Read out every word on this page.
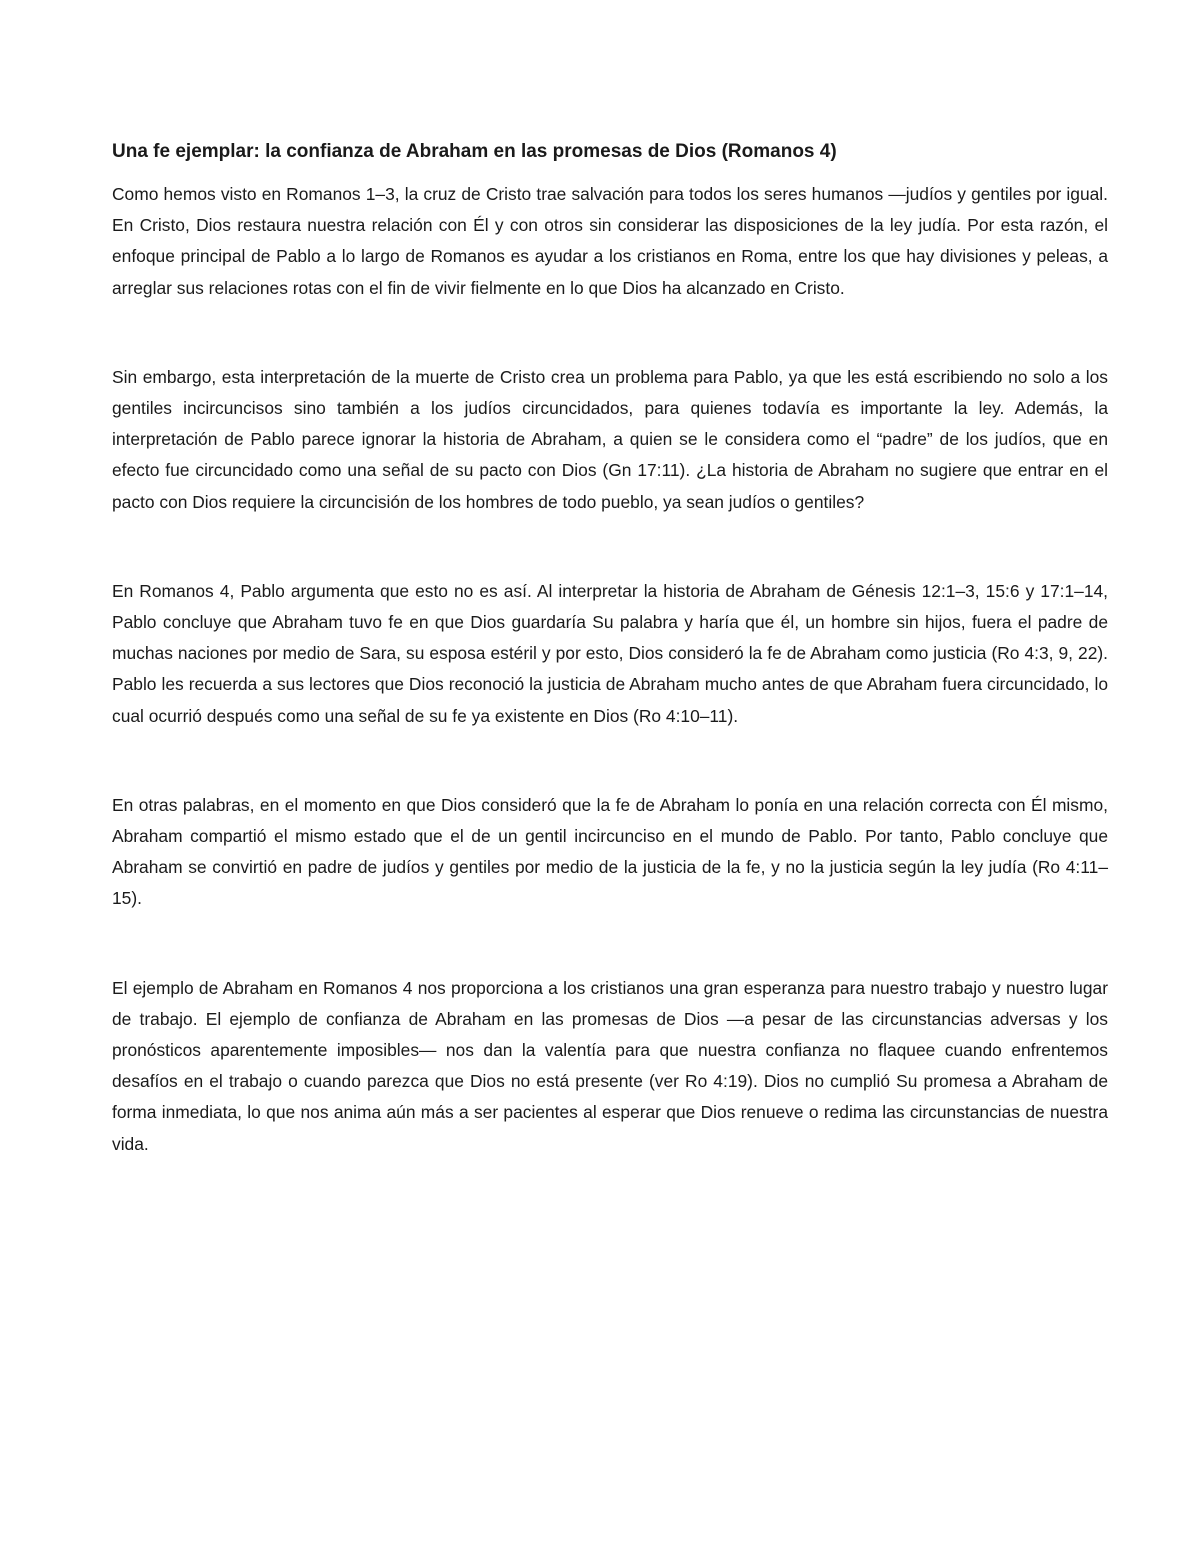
Una fe ejemplar: la confianza de Abraham en las promesas de Dios (Romanos 4)

Como hemos visto en Romanos 1–3, la cruz de Cristo trae salvación para todos los seres humanos —judíos y gentiles por igual. En Cristo, Dios restaura nuestra relación con Él y con otros sin considerar las disposiciones de la ley judía. Por esta razón, el enfoque principal de Pablo a lo largo de Romanos es ayudar a los cristianos en Roma, entre los que hay divisiones y peleas, a arreglar sus relaciones rotas con el fin de vivir fielmente en lo que Dios ha alcanzado en Cristo.

Sin embargo, esta interpretación de la muerte de Cristo crea un problema para Pablo, ya que les está escribiendo no solo a los gentiles incircuncisos sino también a los judíos circuncidados, para quienes todavía es importante la ley. Además, la interpretación de Pablo parece ignorar la historia de Abraham, a quien se le considera como el “padre” de los judíos, que en efecto fue circuncidado como una señal de su pacto con Dios (Gn 17:11). ¿La historia de Abraham no sugiere que entrar en el pacto con Dios requiere la circuncisión de los hombres de todo pueblo, ya sean judíos o gentiles?

En Romanos 4, Pablo argumenta que esto no es así. Al interpretar la historia de Abraham de Génesis 12:1–3, 15:6 y 17:1–14, Pablo concluye que Abraham tuvo fe en que Dios guardaría Su palabra y haría que él, un hombre sin hijos, fuera el padre de muchas naciones por medio de Sara, su esposa estéril y por esto, Dios consideró la fe de Abraham como justicia (Ro 4:3, 9, 22). Pablo les recuerda a sus lectores que Dios reconoció la justicia de Abraham mucho antes de que Abraham fuera circuncidado, lo cual ocurrió después como una señal de su fe ya existente en Dios (Ro 4:10–11).

En otras palabras, en el momento en que Dios consideró que la fe de Abraham lo ponía en una relación correcta con Él mismo, Abraham compartió el mismo estado que el de un gentil incircunciso en el mundo de Pablo. Por tanto, Pablo concluye que Abraham se convirtió en padre de judíos y gentiles por medio de la justicia de la fe, y no la justicia según la ley judía (Ro 4:11–15).

El ejemplo de Abraham en Romanos 4 nos proporciona a los cristianos una gran esperanza para nuestro trabajo y nuestro lugar de trabajo. El ejemplo de confianza de Abraham en las promesas de Dios —a pesar de las circunstancias adversas y los pronósticos aparentemente imposibles— nos dan la valentía para que nuestra confianza no flaquee cuando enfrentemos desafíos en el trabajo o cuando parezca que Dios no está presente (ver Ro 4:19). Dios no cumplió Su promesa a Abraham de forma inmediata, lo que nos anima aún más a ser pacientes al esperar que Dios renueve o redima las circunstancias de nuestra vida.
